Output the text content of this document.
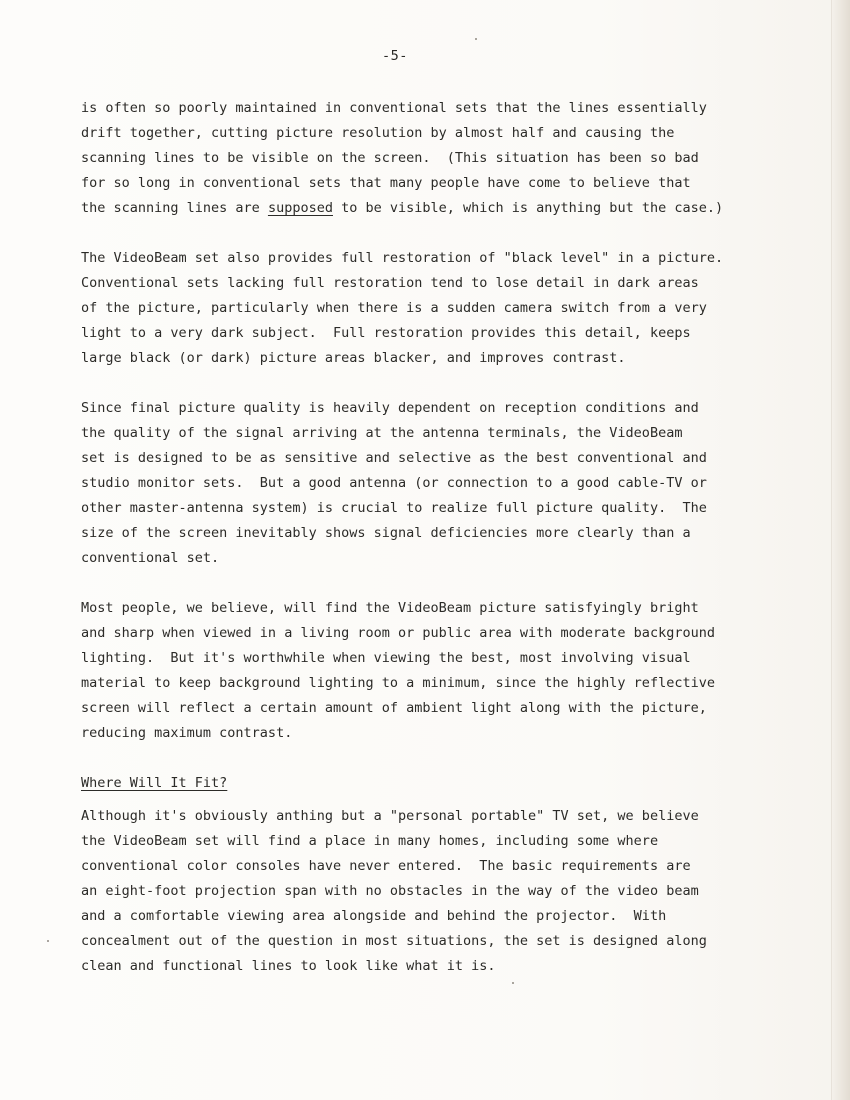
-5-
is often so poorly maintained in conventional sets that the lines essentially
drift together, cutting picture resolution by almost half and causing the
scanning lines to be visible on the screen.  (This situation has been so bad
for so long in conventional sets that many people have come to believe that
the scanning lines are supposed to be visible, which is anything but the case.)
The VideoBeam set also provides full restoration of "black level" in a picture.
Conventional sets lacking full restoration tend to lose detail in dark areas
of the picture, particularly when there is a sudden camera switch from a very
light to a very dark subject.  Full restoration provides this detail, keeps
large black (or dark) picture areas blacker, and improves contrast.
Since final picture quality is heavily dependent on reception conditions and
the quality of the signal arriving at the antenna terminals, the VideoBeam
set is designed to be as sensitive and selective as the best conventional and
studio monitor sets.  But a good antenna (or connection to a good cable-TV or
other master-antenna system) is crucial to realize full picture quality.  The
size of the screen inevitably shows signal deficiencies more clearly than a
conventional set.
Most people, we believe, will find the VideoBeam picture satisfyingly bright
and sharp when viewed in a living room or public area with moderate background
lighting.  But it's worthwhile when viewing the best, most involving visual
material to keep background lighting to a minimum, since the highly reflective
screen will reflect a certain amount of ambient light along with the picture,
reducing maximum contrast.
Where Will It Fit?
Although it's obviously anthing but a "personal portable" TV set, we believe
the VideoBeam set will find a place in many homes, including some where
conventional color consoles have never entered.  The basic requirements are
an eight-foot projection span with no obstacles in the way of the video beam
and a comfortable viewing area alongside and behind the projector.  With
concealment out of the question in most situations, the set is designed along
clean and functional lines to look like what it is.
